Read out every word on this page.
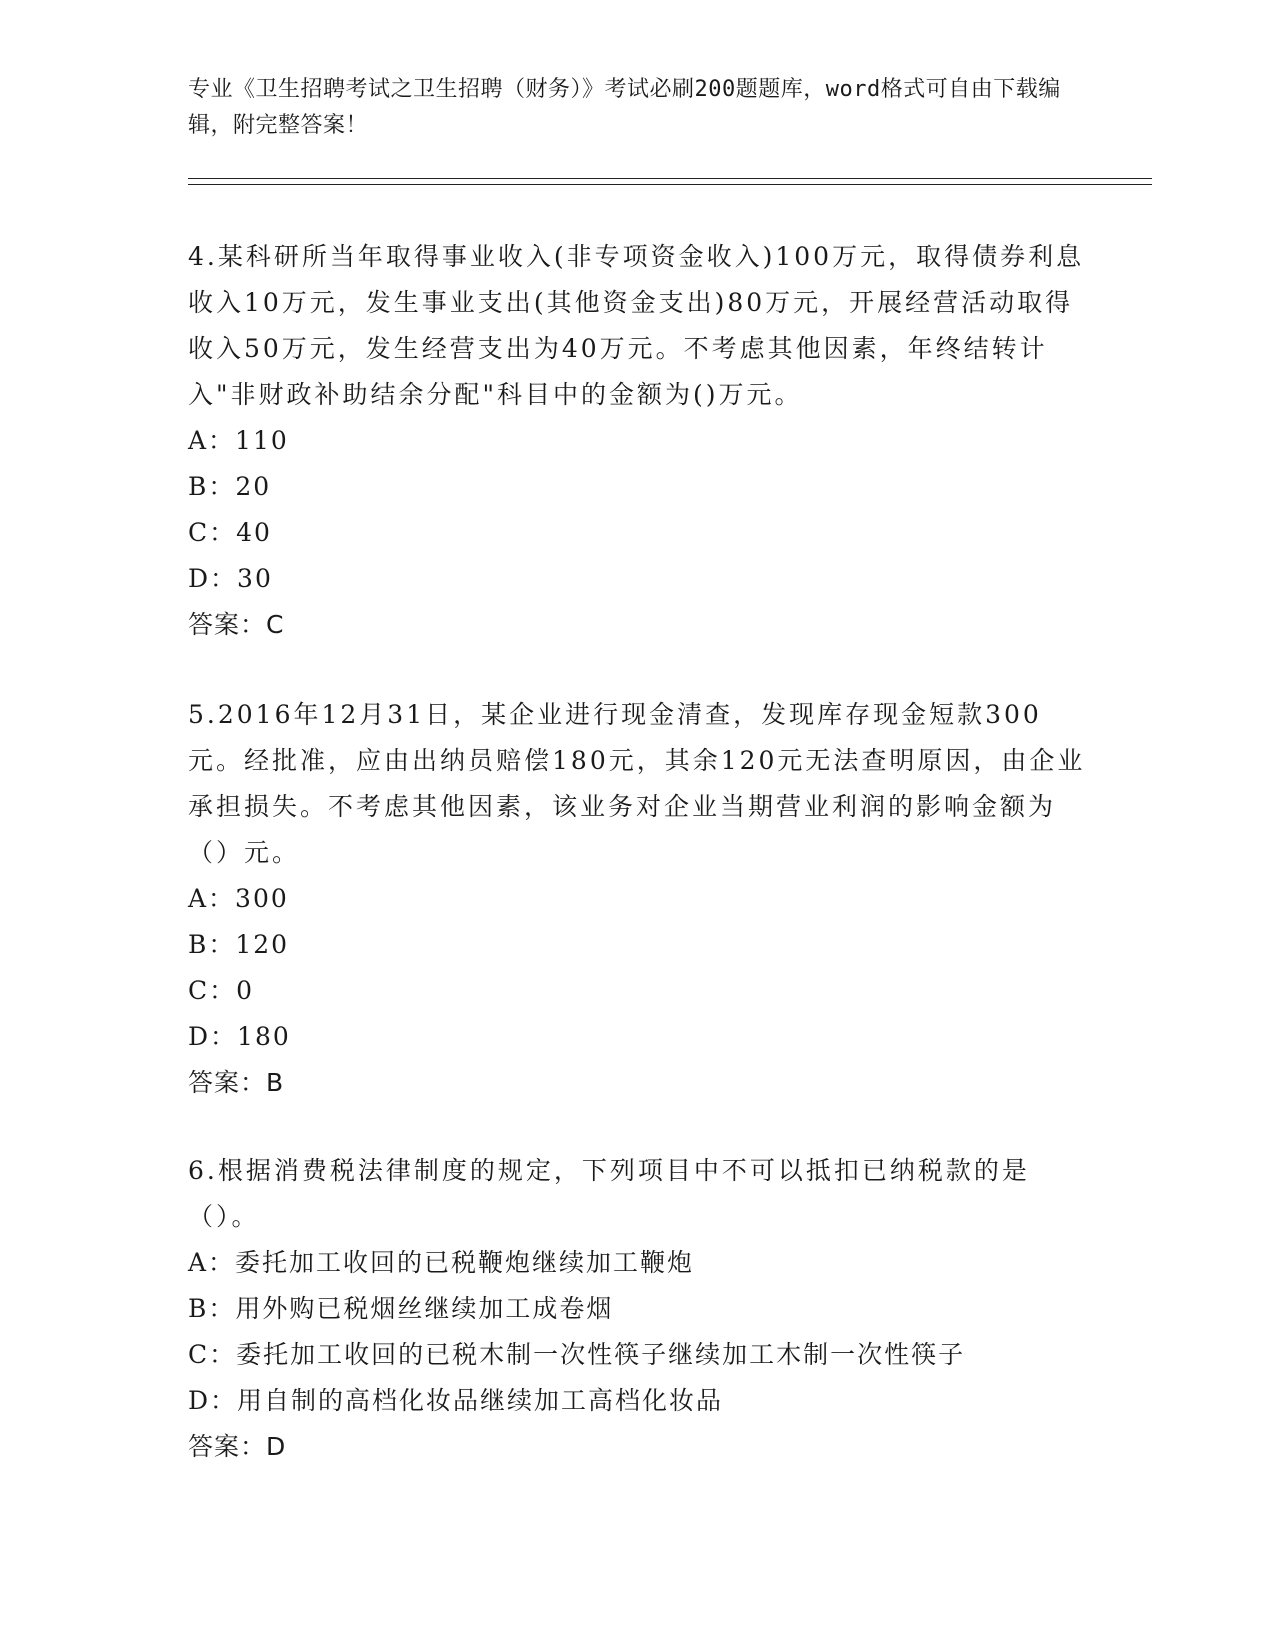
专业《卫生招聘考试之卫生招聘（财务）》考试必刷200题题库，word格式可自由下载编辑，附完整答案！

4.某科研所当年取得事业收入(非专项资金收入)100万元，取得债券利息收入10万元，发生事业支出(其他资金支出)80万元，开展经营活动取得收入50万元，发生经营支出为40万元。不考虑其他因素，年终结转计入"非财政补助结余分配"科目中的金额为()万元。

A：110

B：20

C：40

D：30

答案：C

5.2016年12月31日，某企业进行现金清查，发现库存现金短款300元。经批准，应由出纳员赔偿180元，其余120元无法查明原因，由企业承担损失。不考虑其他因素，该业务对企业当期营业利润的影响金额为（）元。

A：300

B：120

C：0

D：180

答案：B

6.根据消费税法律制度的规定，下列项目中不可以抵扣已纳税款的是（）。

A：委托加工收回的已税鞭炮继续加工鞭炮

B：用外购已税烟丝继续加工成卷烟

C：委托加工收回的已税木制一次性筷子继续加工木制一次性筷子

D：用自制的高档化妆品继续加工高档化妆品

答案：D
